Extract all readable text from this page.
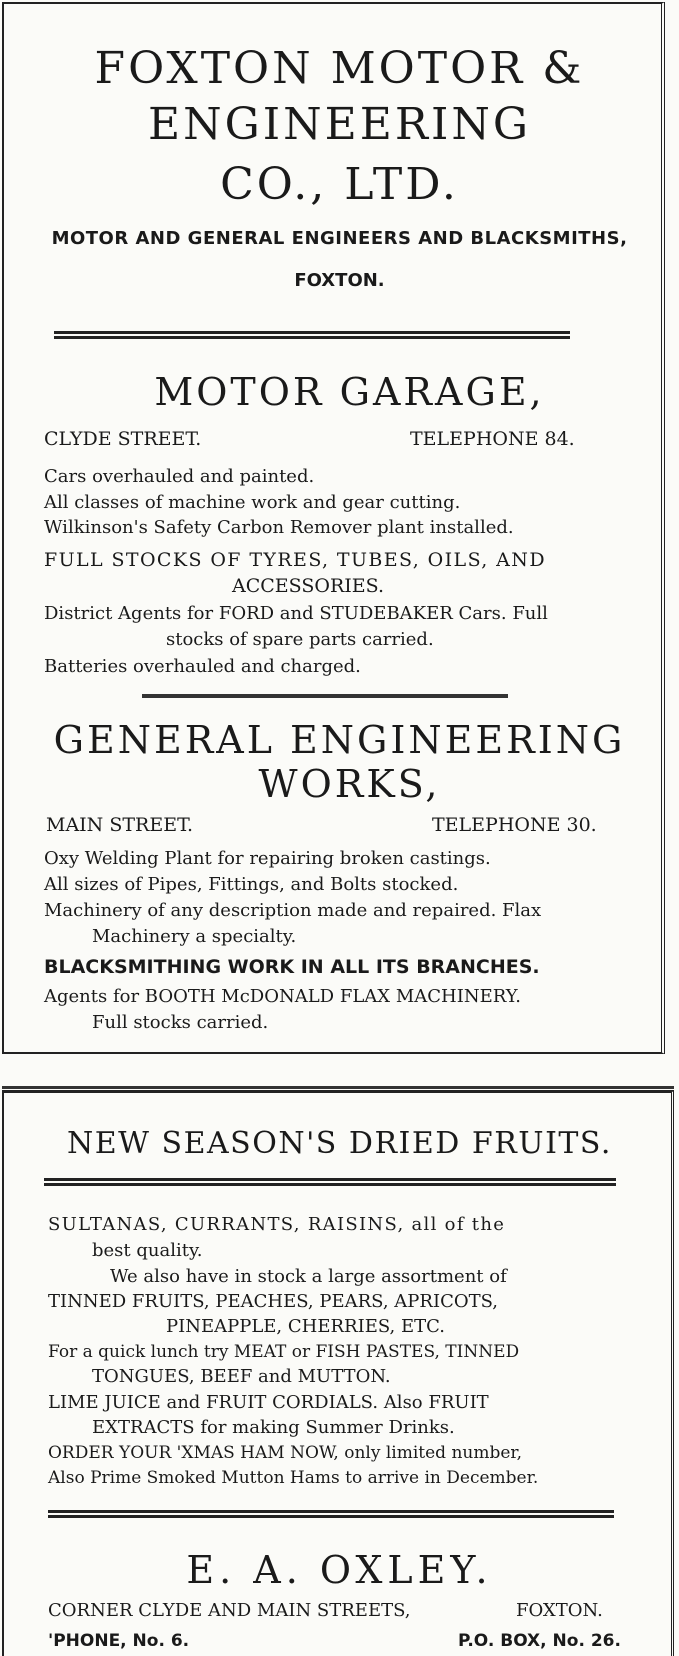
FOXTON MOTOR &
ENGINEERING
CO., LTD.
MOTOR AND GENERAL ENGINEERS AND BLACKSMITHS,
FOXTON.
MOTOR GARAGE,
CLYDE STREET.	TELEPHONE 84.
Cars overhauled and painted.
All classes of machine work and gear cutting.
Wilkinson's Safety Carbon Remover plant installed.
FULL STOCKS OF TYRES, TUBES, OILS, AND
ACCESSORIES.
District Agents for FORD and STUDEBAKER Cars. Full
stocks of spare parts carried.
Batteries overhauled and charged.
GENERAL ENGINEERING
WORKS,
MAIN STREET.	TELEPHONE 30.
Oxy Welding Plant for repairing broken castings.
All sizes of Pipes, Fittings, and Bolts stocked.
Machinery of any description made and repaired. Flax
Machinery a specialty.
BLACKSMITHING WORK IN ALL ITS BRANCHES.
Agents for BOOTH McDONALD FLAX MACHINERY.
Full stocks carried.
NEW SEASON'S DRIED FRUITS.
SULTANAS, CURRANTS, RAISINS, all of the
best quality.
We also have in stock a large assortment of
TINNED FRUITS, PEACHES, PEARS, APRICOTS,
PINEAPPLE, CHERRIES, ETC.
For a quick lunch try MEAT or FISH PASTES, TINNED
TONGUES, BEEF and MUTTON.
LIME JUICE and FRUIT CORDIALS. Also FRUIT
EXTRACTS for making Summer Drinks.
ORDER YOUR 'XMAS HAM NOW, only limited number,
Also Prime Smoked Mutton Hams to arrive in December.
E. A. OXLEY.
CORNER CLYDE AND MAIN STREETS,	FOXTON.
'PHONE, No. 6.	P.O. BOX, No. 26.
